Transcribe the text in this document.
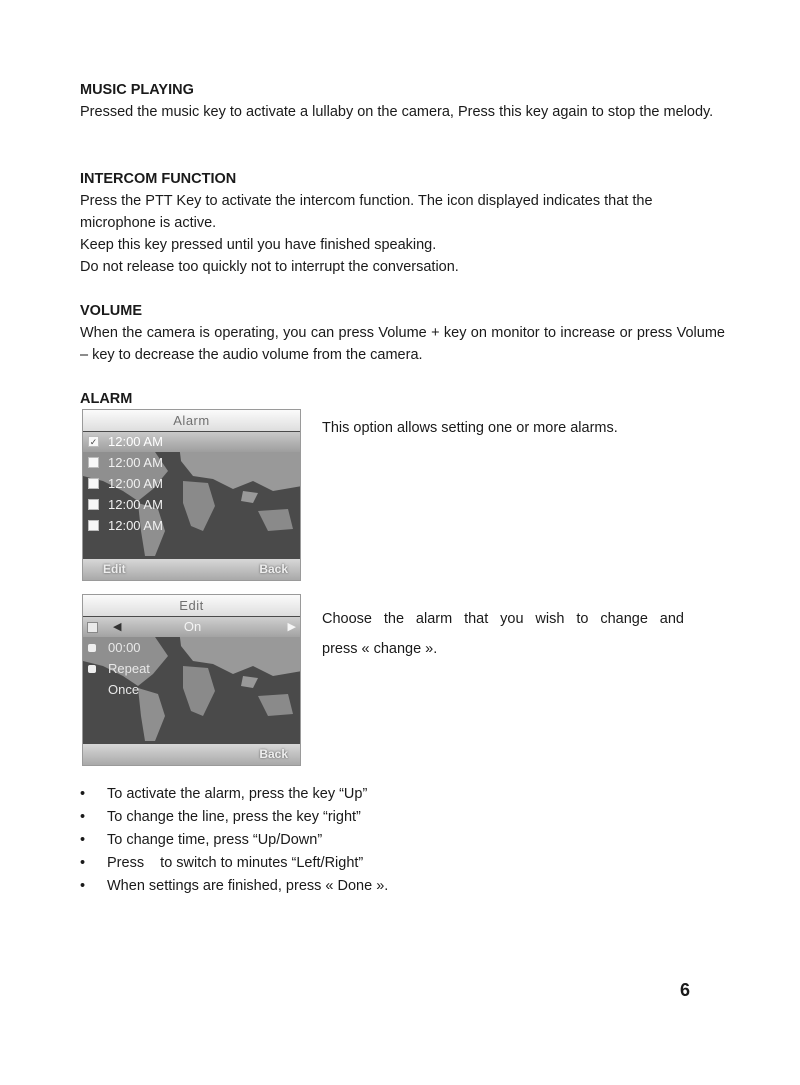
MUSIC PLAYING

Pressed the music key to activate a lullaby on the camera, Press this key again to stop the melody.

INTERCOM FUNCTION

Press the PTT Key to activate the intercom function. The icon displayed indicates that the microphone is active.

Keep this key pressed until you have finished speaking.

Do not release too quickly not to interrupt the conversation.

VOLUME

When the camera is operating, you can press Volume + key on monitor to increase or press Volume – key to decrease the audio volume from the camera.

ALARM
Alarm
✓ 12:00 AM
12:00 AM
12:00 AM
12:00 AM
12:00 AM
Edit	Back
This option allows setting one or more alarms.
Edit
◀	On	▶
00:00
Repeat
Once
Back
Choose the alarm that you wish to change and
press « change ».
• To activate the alarm, press the key “Up”
• To change the line, press the key “right”
• To change time, press “Up/Down”
• Press    to switch to minutes “Left/Right”
• When settings are finished, press « Done ».
6
